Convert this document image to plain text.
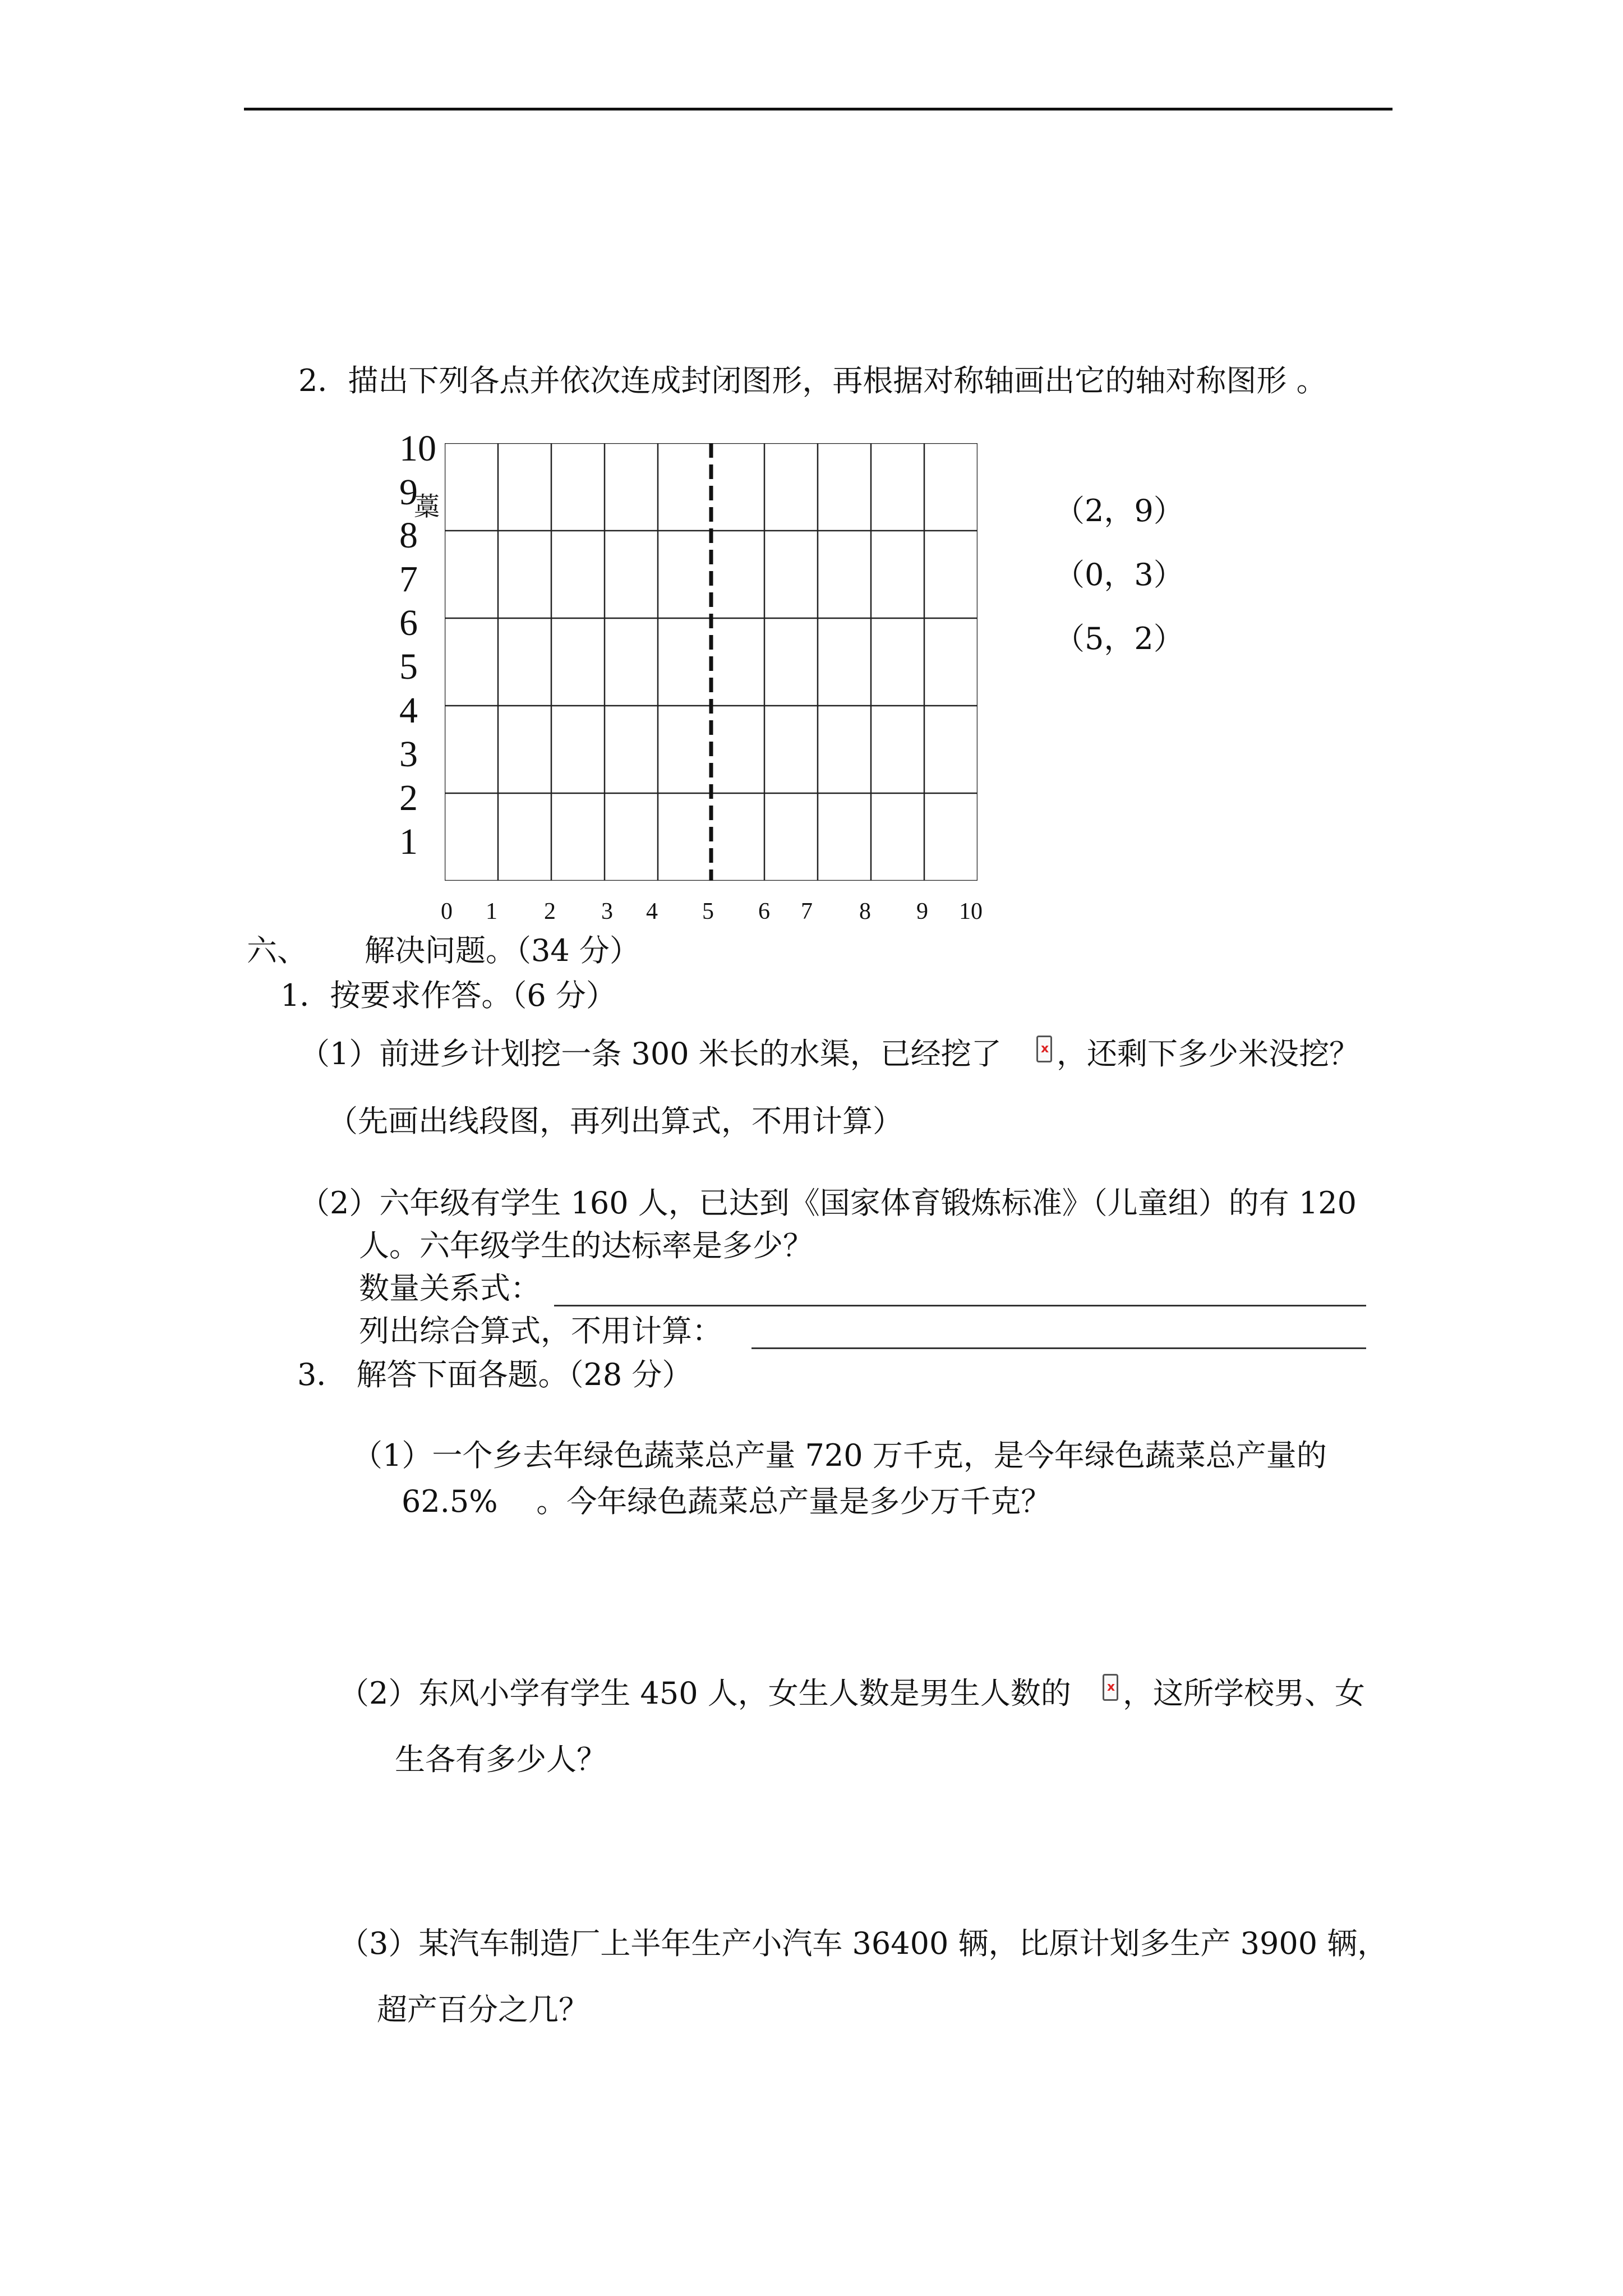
2．描出下列各点并依次连成封闭图形，再根据对称轴画出它的轴对称图形 。
10
9
藁
8
7
6
5
4
3
2
1
0 1 2 3 4 5 6 7 8 9 10
（2，9）
（0，3）
（5，2）
六、 解决问题。（34 分）
1．按要求作答。（6 分）
（1）前进乡计划挖一条 300 米长的水渠，已经挖了	x ，还剩下多少米没挖？
（先画出线段图，再列出算式，不用计算）
（2）六年级有学生 160 人，已达到《国家体育锻炼标准》（儿童组）的有 120
人。六年级学生的达标率是多少？
数量关系式：
列出综合算式，不用计算：
3． 解答下面各题。（28 分）
（1）一个乡去年绿色蔬菜总产量 720 万千克，是今年绿色蔬菜总产量的
62.5%    。今年绿色蔬菜总产量是多少万千克？
（2）东风小学有学生 450 人，女生人数是男生人数的	x ，这所学校男、女
生各有多少人？
（3）某汽车制造厂上半年生产小汽车 36400 辆，比原计划多生产 3900 辆，
超产百分之几？
